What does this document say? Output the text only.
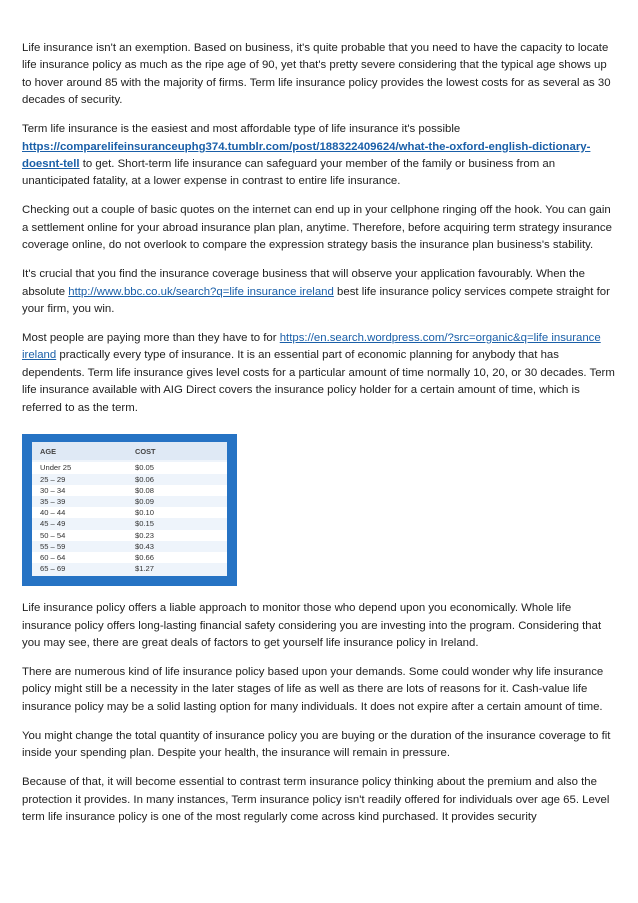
Life insurance isn't an exemption. Based on business, it's quite probable that you need to have the capacity to locate life insurance policy as much as the ripe age of 90, yet that's pretty severe considering that the typical age shows up to hover around 85 with the majority of firms. Term life insurance policy provides the lowest costs for as several as 30 decades of security.

Term life insurance is the easiest and most affordable type of life insurance it's possible https://comparelifeinsuranceuphg374.tumblr.com/post/188322409624/what-the-oxford-english-dictionary-doesnt-tell to get. Short-term life insurance can safeguard your member of the family or business from an unanticipated fatality, at a lower expense in contrast to entire life insurance.

Checking out a couple of basic quotes on the internet can end up in your cellphone ringing off the hook. You can gain a settlement online for your abroad insurance plan plan, anytime. Therefore, before acquiring term strategy insurance coverage online, do not overlook to compare the expression strategy basis the insurance plan business's stability.

It's crucial that you find the insurance coverage business that will observe your application favourably. When the absolute http://www.bbc.co.uk/search?q=life insurance ireland best life insurance policy services compete straight for your firm, you win.

Most people are paying more than they have to for https://en.search.wordpress.com/?src=organic&q=life insurance ireland practically every type of insurance. It is an essential part of economic planning for anybody that has dependents. Term life insurance gives level costs for a particular amount of time normally 10, 20, or 30 decades. Term life insurance available with AIG Direct covers the insurance policy holder for a certain amount of time, which is referred to as the term.

AGE	COST
Under 25	$0.05
25 – 29	$0.06
30 – 34	$0.08
35 – 39	$0.09
40 – 44	$0.10
45 – 49	$0.15
50 – 54	$0.23
55 – 59	$0.43
60 – 64	$0.66
65 – 69	$1.27

Life insurance policy offers a liable approach to monitor those who depend upon you economically. Whole life insurance policy offers long-lasting financial safety considering you are investing into the program. Considering that you may see, there are great deals of factors to get yourself life insurance policy in Ireland.

There are numerous kind of life insurance policy based upon your demands. Some could wonder why life insurance policy might still be a necessity in the later stages of life as well as there are lots of reasons for it. Cash-value life insurance policy may be a solid lasting option for many individuals. It does not expire after a certain amount of time.

You might change the total quantity of insurance policy you are buying or the duration of the insurance coverage to fit inside your spending plan. Despite your health, the insurance will remain in pressure.

Because of that, it will become essential to contrast term insurance policy thinking about the premium and also the protection it provides. In many instances, Term insurance policy isn't readily offered for individuals over age 65. Level term life insurance policy is one of the most regularly come across kind purchased. It provides security
